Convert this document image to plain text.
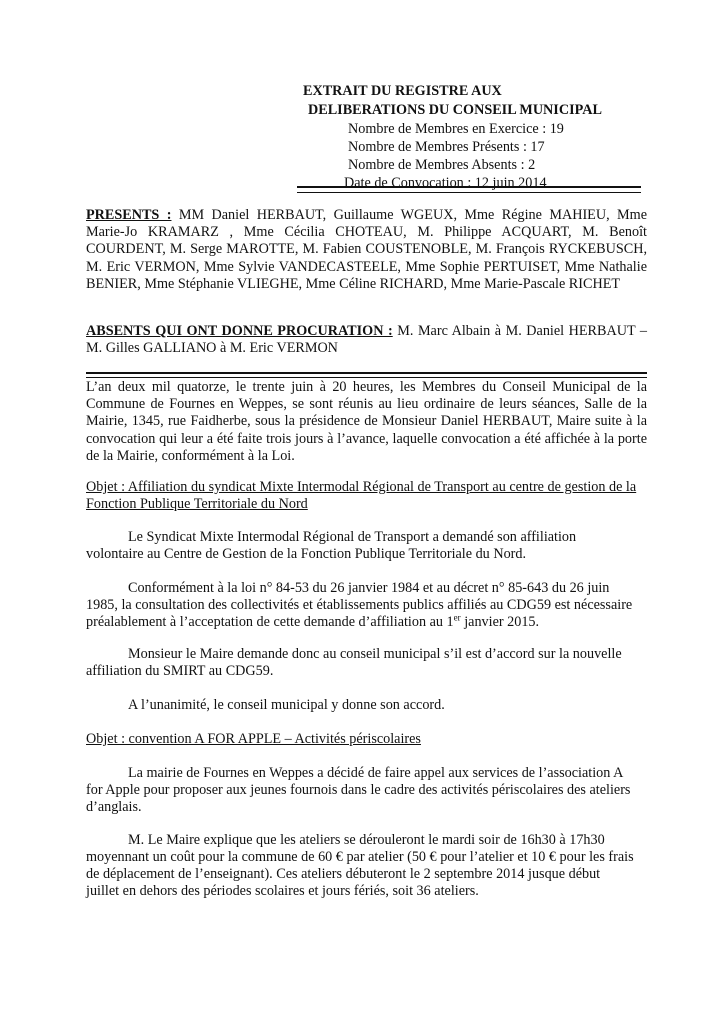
EXTRAIT DU REGISTRE AUX
DELIBERATIONS DU CONSEIL MUNICIPAL
Nombre de Membres en Exercice : 19
Nombre de Membres Présents : 17
Nombre de Membres Absents : 2
Date de Convocation : 12 juin 2014
PRESENTS : MM Daniel HERBAUT, Guillaume WGEUX, Mme Régine MAHIEU, Mme Marie-Jo KRAMARZ , Mme Cécilia CHOTEAU, M. Philippe ACQUART, M. Benoît COURDENT, M. Serge MAROTTE, M. Fabien COUSTENOBLE, M. François RYCKEBUSCH, M. Eric VERMON, Mme Sylvie VANDECASTEELE, Mme Sophie PERTUISET, Mme Nathalie BENIER, Mme Stéphanie VLIEGHE, Mme Céline RICHARD, Mme Marie-Pascale RICHET
ABSENTS QUI ONT DONNE PROCURATION : M. Marc Albain à M. Daniel HERBAUT – M. Gilles GALLIANO à M. Eric VERMON
L’an deux mil quatorze, le trente juin à 20 heures, les Membres du Conseil Municipal de la Commune de Fournes en Weppes, se sont réunis au lieu ordinaire de leurs séances, Salle de la Mairie, 1345, rue Faidherbe, sous la présidence de Monsieur Daniel HERBAUT, Maire suite à la convocation qui leur a été faite trois jours à l’avance, laquelle convocation a été affichée à la porte de la Mairie, conformément à la Loi.
Objet : Affiliation du syndicat Mixte Intermodal Régional de Transport au centre de gestion de la Fonction Publique Territoriale du Nord
Le Syndicat Mixte Intermodal Régional de Transport a demandé son affiliation volontaire au Centre de Gestion de la Fonction Publique Territoriale du Nord.
Conformément à la loi n° 84-53 du 26 janvier 1984 et au décret n° 85-643 du 26 juin 1985, la consultation des collectivités et établissements publics affiliés au CDG59 est nécessaire préalablement à l’acceptation de cette demande d’affiliation au 1er janvier 2015.
Monsieur le Maire demande donc au conseil municipal s’il est d’accord sur la nouvelle affiliation du SMIRT au CDG59.
A l’unanimité, le conseil municipal y donne son accord.
Objet : convention A FOR APPLE – Activités périscolaires
La mairie de Fournes en Weppes a décidé de faire appel aux services de l’association A for Apple pour proposer aux jeunes fournois dans le cadre des activités périscolaires des ateliers d’anglais.
M. Le Maire explique que les ateliers se dérouleront le mardi soir de 16h30 à 17h30 moyennant un coût pour la commune de 60 € par atelier (50 € pour l’atelier et 10 € pour les frais de déplacement de l’enseignant). Ces ateliers débuteront le 2 septembre 2014 jusque début juillet en dehors des périodes scolaires et jours fériés, soit 36 ateliers.
